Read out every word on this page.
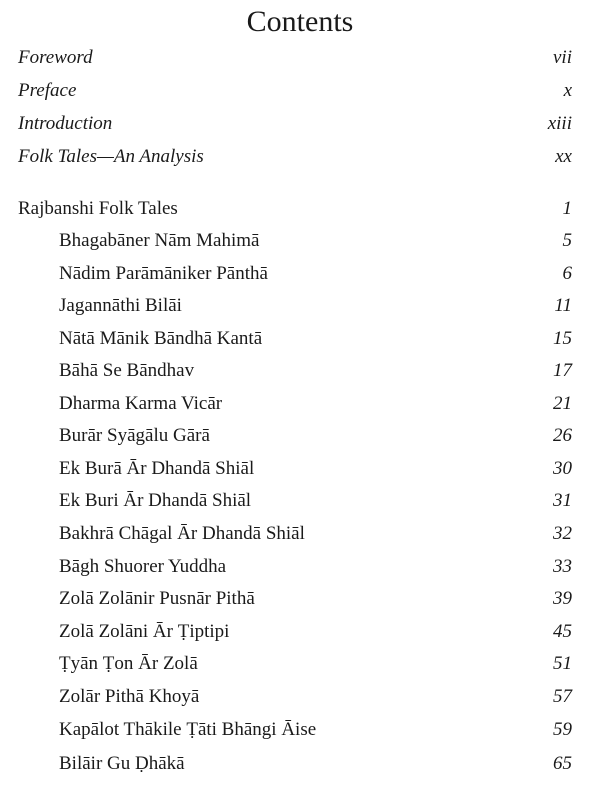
Contents
Foreword	vii
Preface	x
Introduction	xiii
Folk Tales—An Analysis	xx
Rajbanshi Folk Tales	1
Bhagabāner Nām Mahimā	5
Nādim Parāmāniker Pānthā	6
Jagannāthi Bilāi	11
Nātā Mānik Bāndhā Kantā	15
Bāhā Se Bāndhav	17
Dharma Karma Vicār	21
Burār Syāgālu Gārā	26
Ek Burā Ār Dhandā Shiāl	30
Ek Buri Ār Dhandā Shiāl	31
Bakhrā Chāgal Ār Dhandā Shiāl	32
Bāgh Shuorer Yuddha	33
Zolā Zolānir Pusnār Pithā	39
Zolā Zolāni Ār Ṭiptipi	45
Ṭyān Ṭon Ār Zolā	51
Zolār Pithā Khoyā	57
Kapālot Thākile Ṭāti Bhāngi Āise	59
Bilāir Gu Ḍhākā	65
